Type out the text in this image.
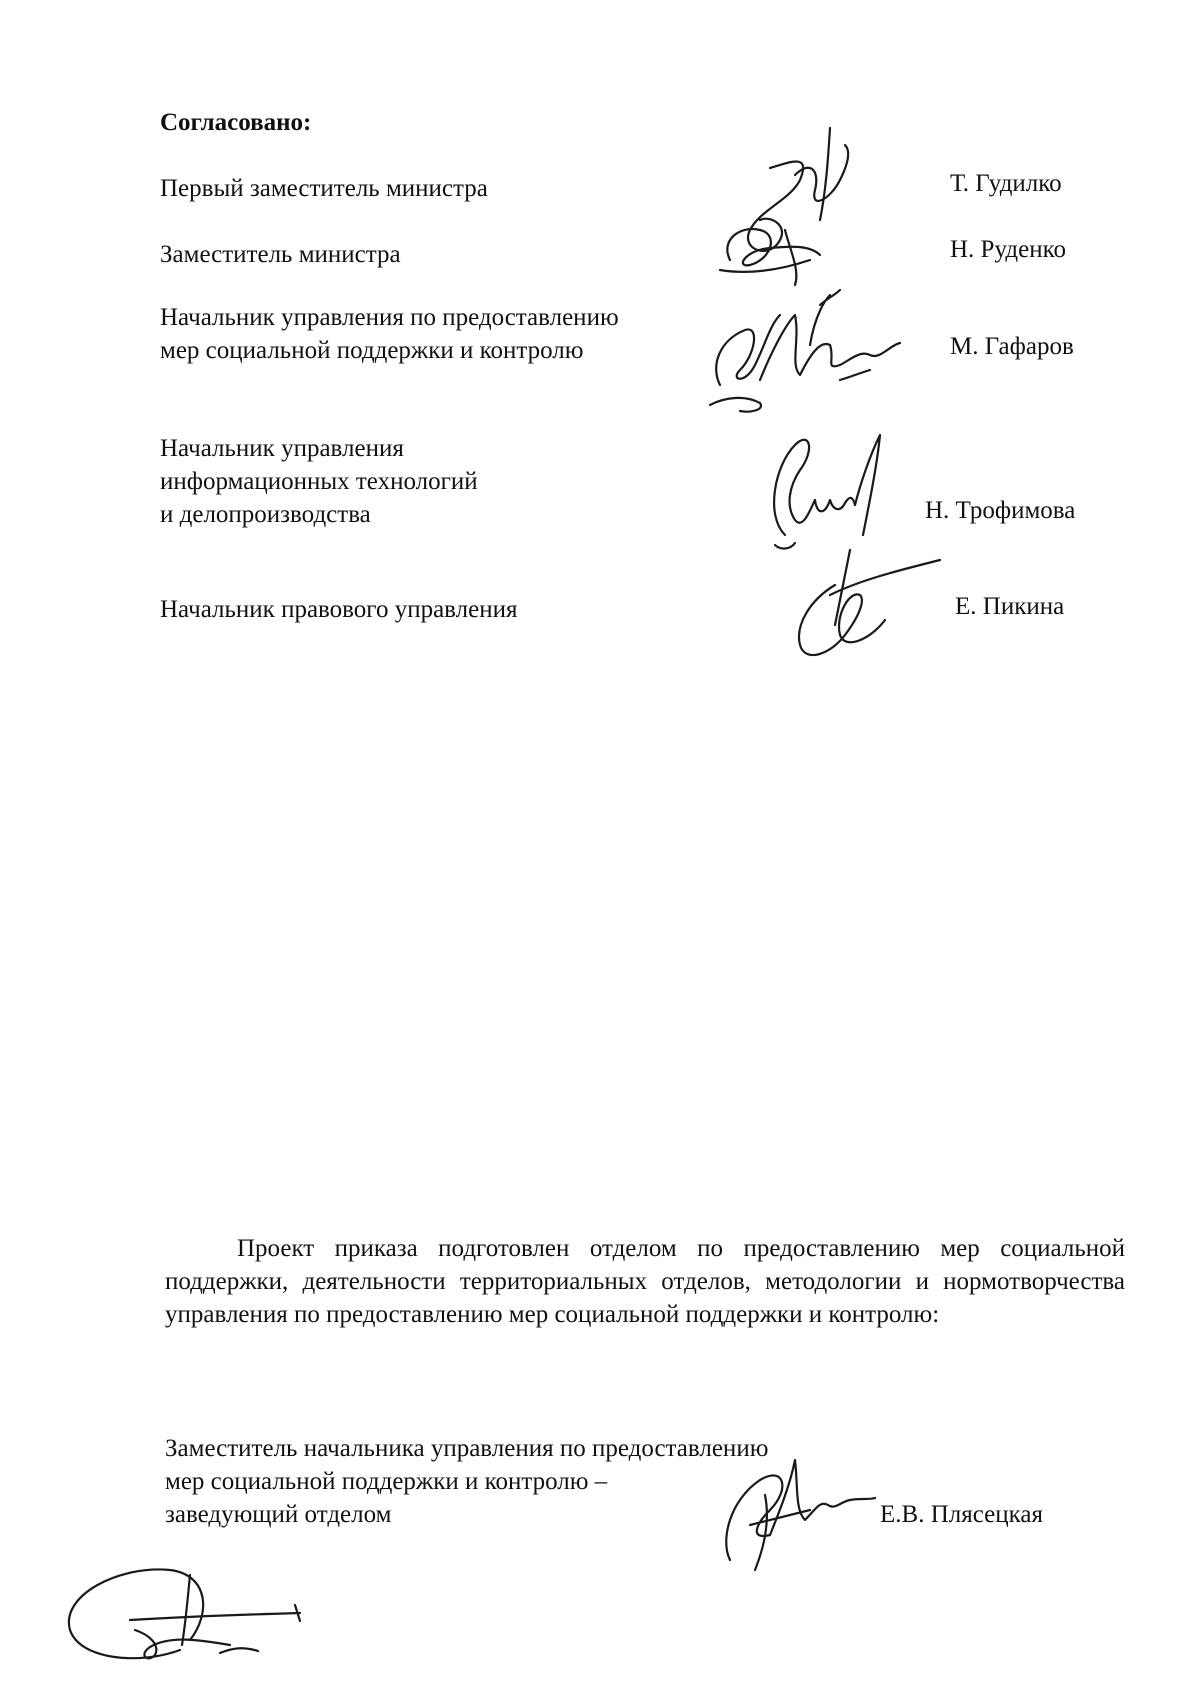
Согласовано:
Первый заместитель министра	Т. Гудилко
Заместитель министра	Н. Руденко
Начальник управления по предоставлению
мер социальной поддержки и контролю	М. Гафаров
Начальник управления
информационных технологий
и делопроизводства	Н. Трофимова
Начальник правового управления	Е. Пикина
Проект приказа подготовлен отделом по предоставлению мер социальной поддержки, деятельности территориальных отделов, методологии и нормотворчества управления по предоставлению мер социальной поддержки и контролю:
Заместитель начальника управления по предоставлению
мер социальной поддержки и контролю –
заведующий отделом	Е.В. Плясецкая
